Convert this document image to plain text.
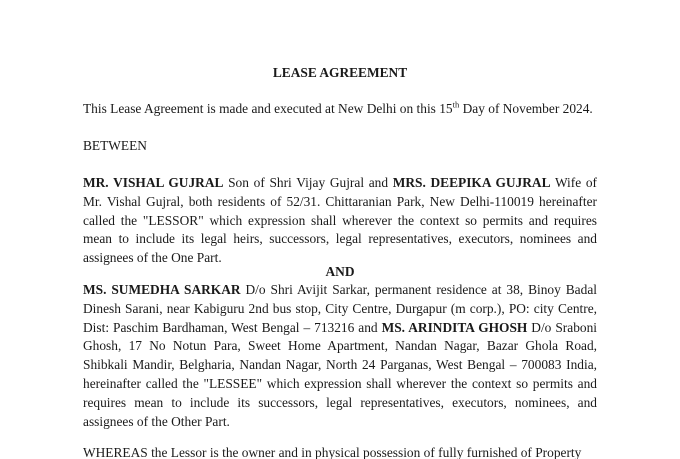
LEASE AGREEMENT

This Lease Agreement is made and executed at New Delhi on this 15th Day of November 2024.

BETWEEN

MR. VISHAL GUJRAL Son of Shri Vijay Gujral and MRS. DEEPIKA GUJRAL Wife of Mr. Vishal Gujral, both residents of 52/31. Chittaranian Park, New Delhi-110019 hereinafter called the "LESSOR" which expression shall wherever the context so permits and requires mean to include its legal heirs, successors, legal representatives, executors, nominees and assignees of the One Part.

AND

MS. SUMEDHA SARKAR D/o Shri Avijit Sarkar, permanent residence at 38, Binoy Badal Dinesh Sarani, near Kabiguru 2nd bus stop, City Centre, Durgapur (m corp.), PO: city Centre, Dist: Paschim Bardhaman, West Bengal – 713216 and MS. ARINDITA GHOSH D/o Sraboni Ghosh, 17 No Notun Para, Sweet Home Apartment, Nandan Nagar, Bazar Ghola Road, Shibkali Mandir, Belgharia, Nandan Nagar, North 24 Parganas, West Bengal – 700083 India, hereinafter called the "LESSEE" which expression shall wherever the context so permits and requires mean to include its successors, legal representatives, executors, nominees, and assignees of the Other Part.

WHEREAS the Lessor is the owner and in physical possession of fully furnished of Property
